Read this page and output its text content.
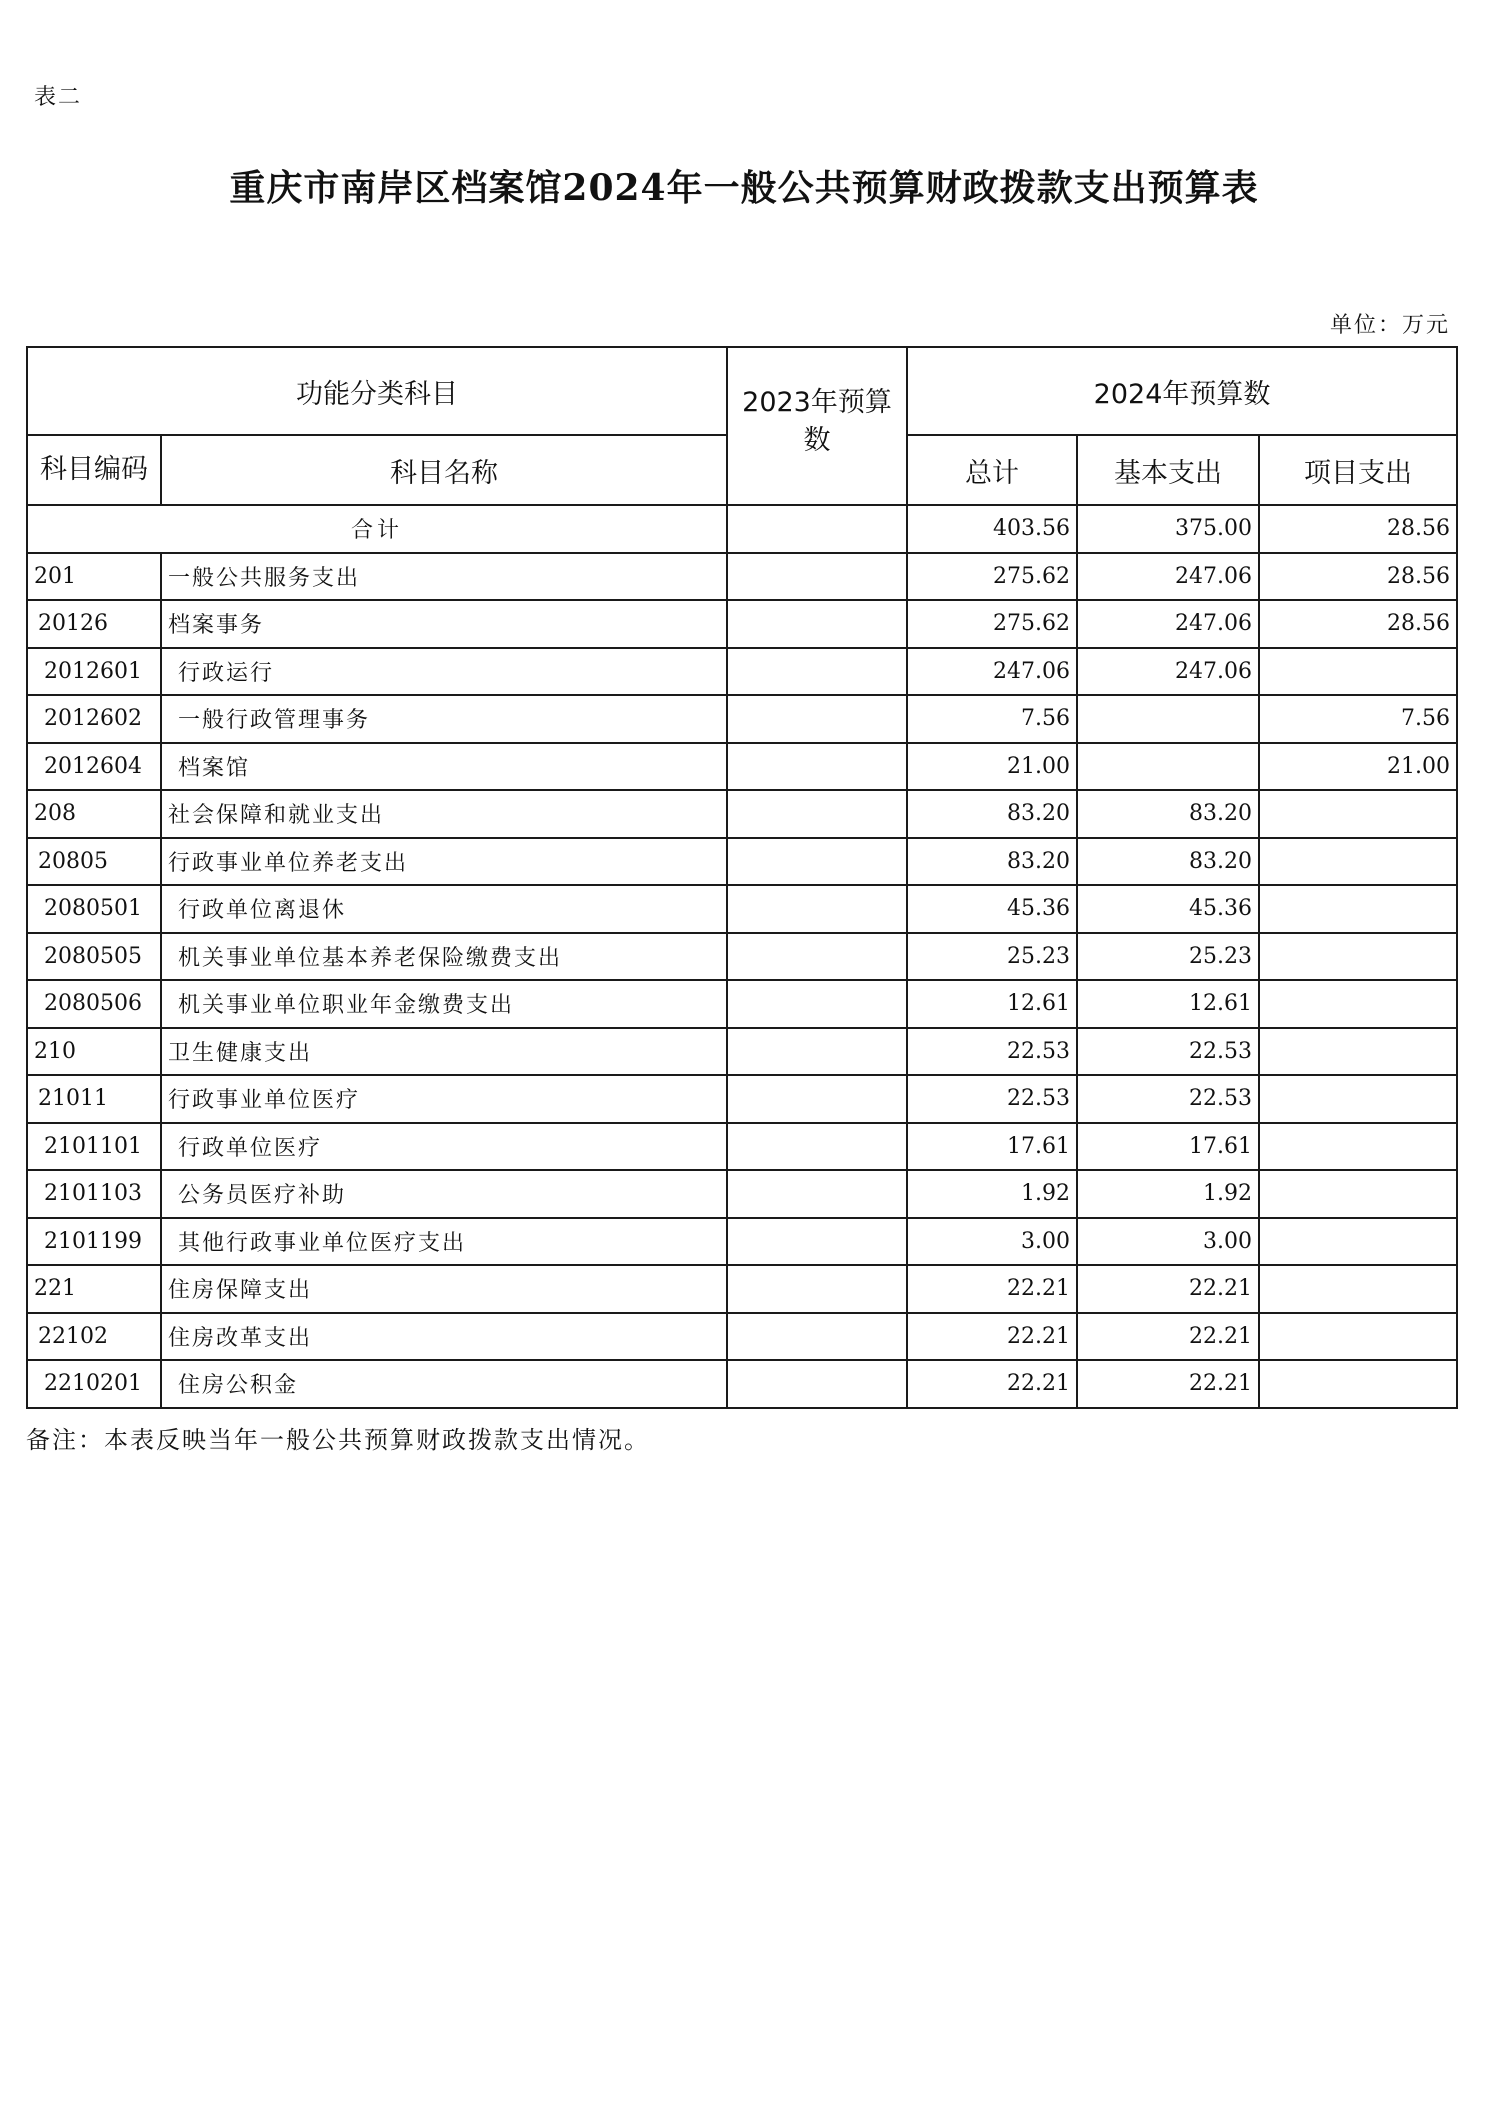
表二
重庆市南岸区档案馆2024年一般公共预算财政拨款支出预算表
单位：万元
功能分类科目		2023年预算数	2024年预算数		
科目编码	科目名称		总计	基本支出	项目支出
合计			403.56	375.00	28.56
201	一般公共服务支出		275.62	247.06	28.56
20126	档案事务		275.62	247.06	28.56
2012601	行政运行		247.06	247.06	
2012602	一般行政管理事务		7.56		7.56
2012604	档案馆		21.00		21.00
208	社会保障和就业支出		83.20	83.20	
20805	行政事业单位养老支出		83.20	83.20	
2080501	行政单位离退休		45.36	45.36	
2080505	机关事业单位基本养老保险缴费支出		25.23	25.23	
2080506	机关事业单位职业年金缴费支出		12.61	12.61	
210	卫生健康支出		22.53	22.53	
21011	行政事业单位医疗		22.53	22.53	
2101101	行政单位医疗		17.61	17.61	
2101103	公务员医疗补助		1.92	1.92	
2101199	其他行政事业单位医疗支出		3.00	3.00	
221	住房保障支出		22.21	22.21	
22102	住房改革支出		22.21	22.21	
2210201	住房公积金		22.21	22.21	
备注：本表反映当年一般公共预算财政拨款支出情况。
